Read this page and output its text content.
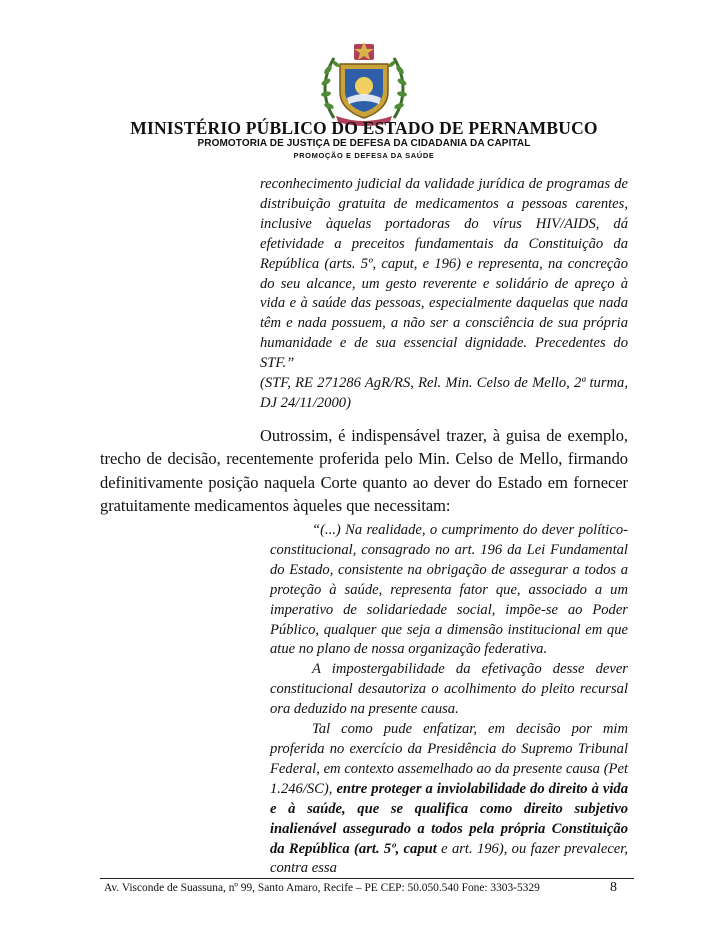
MINISTÉRIO PÚBLICO DO ESTADO DE PERNAMBUCO
PROMOTORIA DE JUSTIÇA DE DEFESA DA CIDADANIA DA CAPITAL
PROMOÇÃO E DEFESA DA SAÚDE

reconhecimento judicial da validade jurídica de programas de distribuição gratuita de medicamentos a pessoas carentes, inclusive àquelas portadoras do vírus HIV/AIDS, dá efetividade a preceitos fundamentais da Constituição da República (arts. 5º, caput, e 196) e representa, na concreção do seu alcance, um gesto reverente e solidário de apreço à vida e à saúde das pessoas, especialmente daquelas que nada têm e nada possuem, a não ser a consciência de sua própria humanidade e de sua essencial dignidade. Precedentes do STF.”

(STF, RE 271286 AgR/RS, Rel. Min. Celso de Mello, 2ª turma, DJ 24/11/2000)

Outrossim, é indispensável trazer, à guisa de exemplo, trecho de decisão, recentemente proferida pelo Min. Celso de Mello, firmando definitivamente posição naquela Corte quanto ao dever do Estado em fornecer gratuitamente medicamentos àqueles que necessitam:

“(...) Na realidade, o cumprimento do dever político-constitucional, consagrado no art. 196 da Lei Fundamental do Estado, consistente na obrigação de assegurar a todos a proteção à saúde, representa fator que, associado a um imperativo de solidariedade social, impõe-se ao Poder Público, qualquer que seja a dimensão institucional em que atue no plano de nossa organização federativa.

A impostergabilidade da efetivação desse dever constitucional desautoriza o acolhimento do pleito recursal ora deduzido na presente causa.

Tal como pude enfatizar, em decisão por mim proferida no exercício da Presidência do Supremo Tribunal Federal, em contexto assemelhado ao da presente causa (Pet 1.246/SC), entre proteger a inviolabilidade do direito à vida e à saúde, que se qualifica como direito subjetivo inalienável assegurado a todos pela própria Constituição da República (art. 5º, caput e art. 196), ou fazer prevalecer, contra essa

Av. Visconde de Suassuna, nº 99, Santo Amaro, Recife – PE CEP: 50.050.540 Fone: 3303-5329	8
